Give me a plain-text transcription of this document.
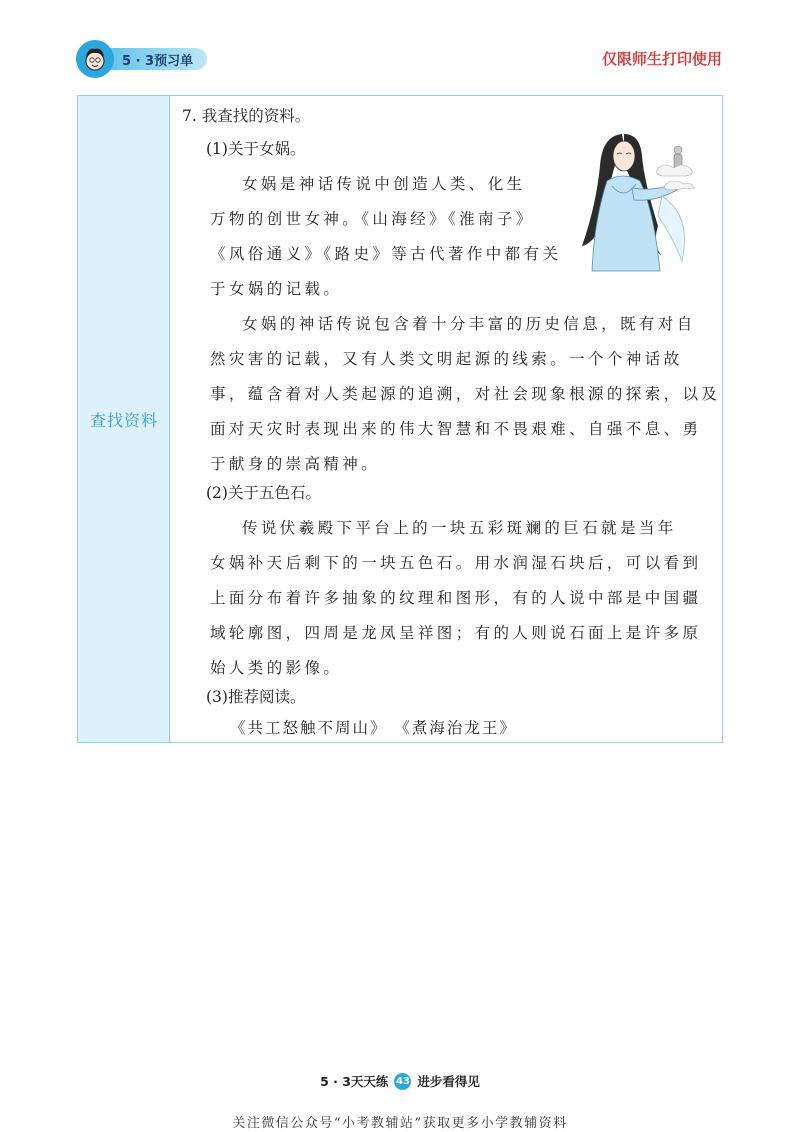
5 · 3预习单	仅限师生打印使用
查找资料
7. 我查找的资料。
(1)关于女娲。
女娲是神话传说中创造人类、化生
万物的创世女神。《山海经》《淮南子》
《风俗通义》《路史》等古代著作中都有关
于女娲的记载。
女娲的神话传说包含着十分丰富的历史信息，既有对自
然灾害的记载，又有人类文明起源的线索。一个个神话故
事，蕴含着对人类起源的追溯，对社会现象根源的探索，以及
面对天灾时表现出来的伟大智慧和不畏艰难、自强不息、勇
于献身的崇高精神。
(2)关于五色石。
传说伏羲殿下平台上的一块五彩斑斓的巨石就是当年
女娲补天后剩下的一块五色石。用水润湿石块后，可以看到
上面分布着许多抽象的纹理和图形，有的人说中部是中国疆
域轮廓图，四周是龙凤呈祥图；有的人则说石面上是许多原
始人类的影像。
(3)推荐阅读。
《共工怒触不周山》 《煮海治龙王》
5 · 3天天练 43 进步看得见
关注微信公众号“小考教辅站”获取更多小学教辅资料
